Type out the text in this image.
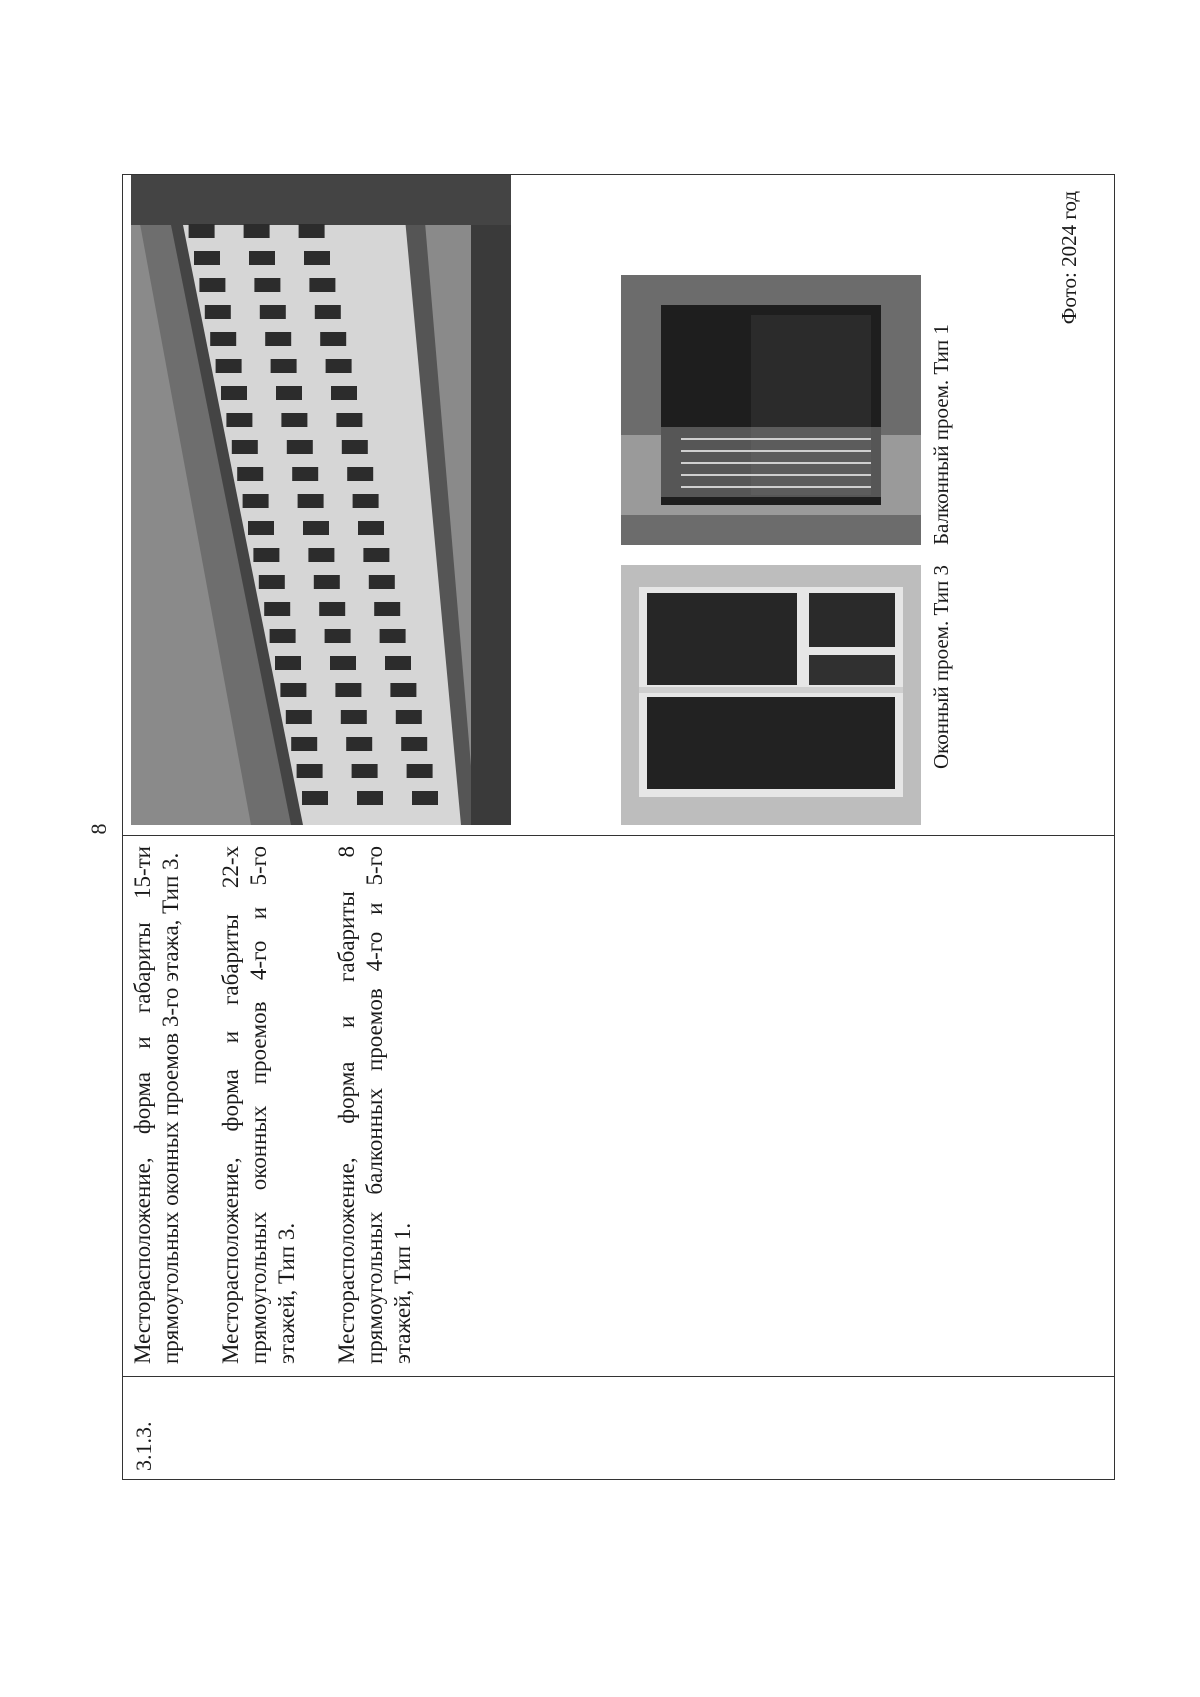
8
3.1.3.

Месторасположение, форма и габариты 15-ти прямоугольных оконных проемов 3-го этажа, Тип 3.	Месторасположение, форма и габариты 22-х прямоугольных оконных проемов 4-го и 5-го этажей, Тип 3.	Месторасположение, форма и габариты 8 прямоугольных балконных проемов 4-го и 5-го этажей, Тип 1.

Оконный проем. Тип 3
Балконный проем. Тип 1
Фото: 2024 год
